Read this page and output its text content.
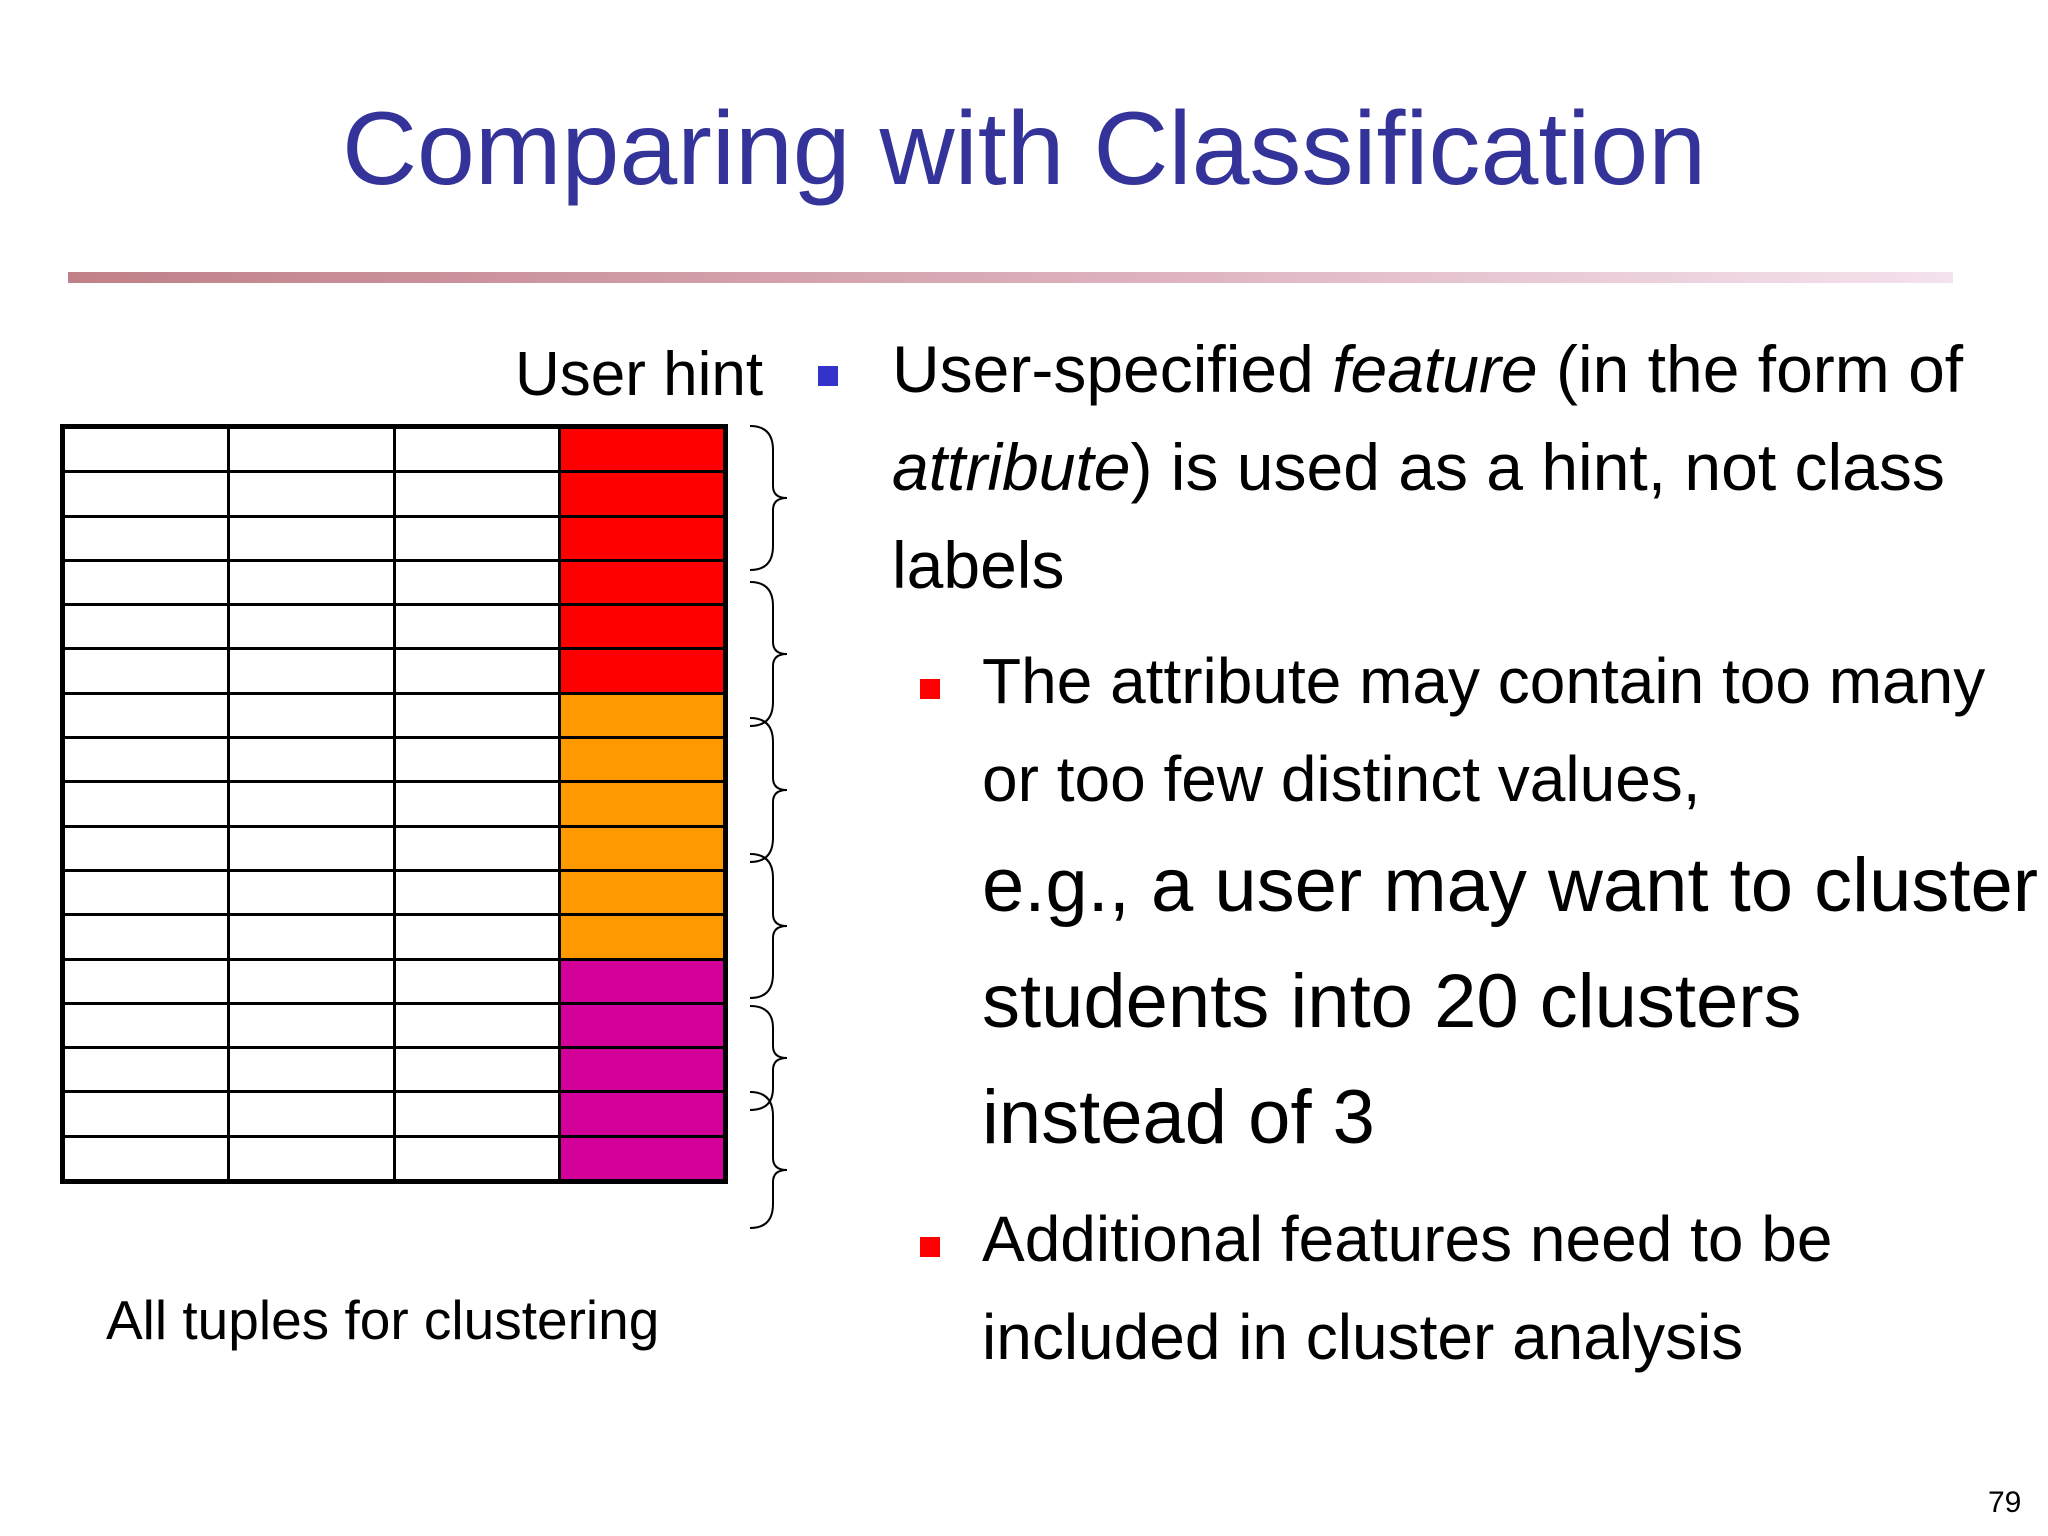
Comparing with Classification
User hint
All tuples for clustering
User-specified feature (in the form of attribute) is used as a hint, not class labels
The attribute may contain too many or too few distinct values,
e.g., a user may want to cluster students into 20 clusters instead of 3
Additional features need to be included in cluster analysis
79
